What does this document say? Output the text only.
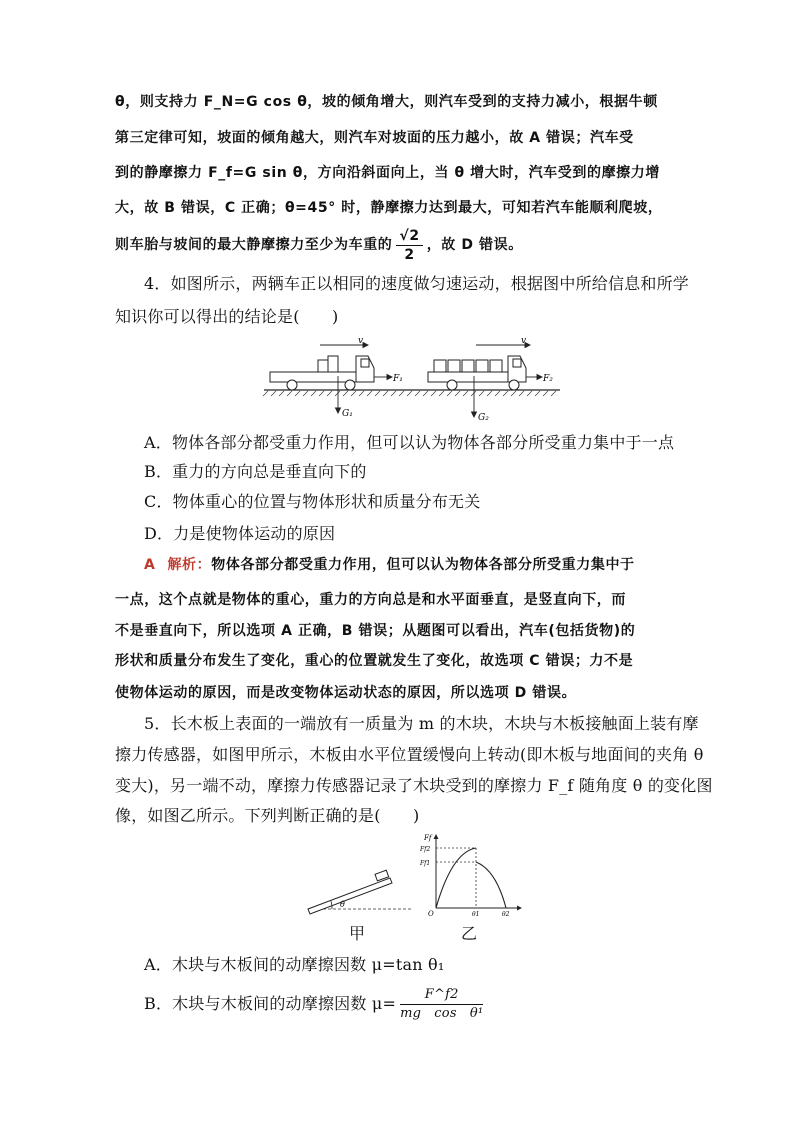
θ，则支持力 F_N=G cos θ，坡的倾角增大，则汽车受到的支持力减小，根据牛顿
第三定律可知，坡面的倾角越大，则汽车对坡面的压力越小，故 A 错误；汽车受
到的静摩擦力 F_f=G sin θ，方向沿斜面向上，当 θ 增大时，汽车受到的摩擦力增
大，故 B 错误，C 正确；θ=45° 时，静摩擦力达到最大，可知若汽车能顺利爬坡，
则车胎与坡间的最大静摩擦力至少为车重的 $\frac{√2}{2}$ ，故 D 错误。
4．如图所示，两辆车正以相同的速度做匀速运动，根据图中所给信息和所学
知识你可以得出的结论是(　　)
v	v
F₁	F₂
G₁	G₂
A．物体各部分都受重力作用，但可以认为物体各部分所受重力集中于一点
B．重力的方向总是垂直向下的
C．物体重心的位置与物体形状和质量分布无关
D．力是使物体运动的原因
A 解析：物体各部分都受重力作用，但可以认为物体各部分所受重力集中于
一点，这个点就是物体的重心，重力的方向总是和水平面垂直，是竖直向下，而
不是垂直向下，所以选项 A 正确，B 错误；从题图可以看出，汽车(包括货物)的
形状和质量分布发生了变化，重心的位置就发生了变化，故选项 C 错误；力不是
使物体运动的原因，而是改变物体运动状态的原因，所以选项 D 错误。
5．长木板上表面的一端放有一质量为 m 的木块，木块与木板接触面上装有摩
擦力传感器，如图甲所示，木板由水平位置缓慢向上转动(即木板与地面间的夹角 θ
变大)，另一端不动，摩擦力传感器记录了木块受到的摩擦力 F_f 随角度 θ 的变化图
像，如图乙所示。下列判断正确的是(　　)
θ
甲
Ff
Ff2
Ff1
O	θ1	θ2
乙
A．木块与木板间的动摩擦因数 μ=tan θ₁
B．木块与木板间的动摩擦因数 $\mu= \frac{F\^{}f2}{\text{mg　cos　θ¹}}$
